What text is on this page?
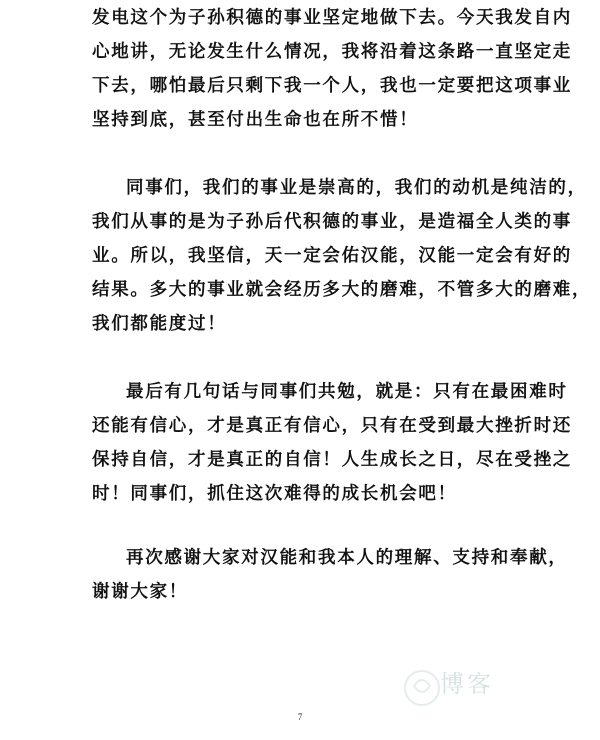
发电这个为子孙积德的事业坚定地做下去。今天我发自内
心地讲，无论发生什么情况，我将沿着这条路一直坚定走
下去，哪怕最后只剩下我一个人，我也一定要把这项事业
坚持到底，甚至付出生命也在所不惜！
同事们，我们的事业是崇高的，我们的动机是纯洁的，
我们从事的是为子孙后代积德的事业，是造福全人类的事
业。所以，我坚信，天一定会佑汉能，汉能一定会有好的
结果。多大的事业就会经历多大的磨难，不管多大的磨难，
我们都能度过！
最后有几句话与同事们共勉，就是：只有在最困难时
还能有信心，才是真正有信心，只有在受到最大挫折时还
保持自信，才是真正的自信！人生成长之日，尽在受挫之
时！同事们，抓住这次难得的成长机会吧！
再次感谢大家对汉能和我本人的理解、支持和奉献，
谢谢大家！
博客
7
